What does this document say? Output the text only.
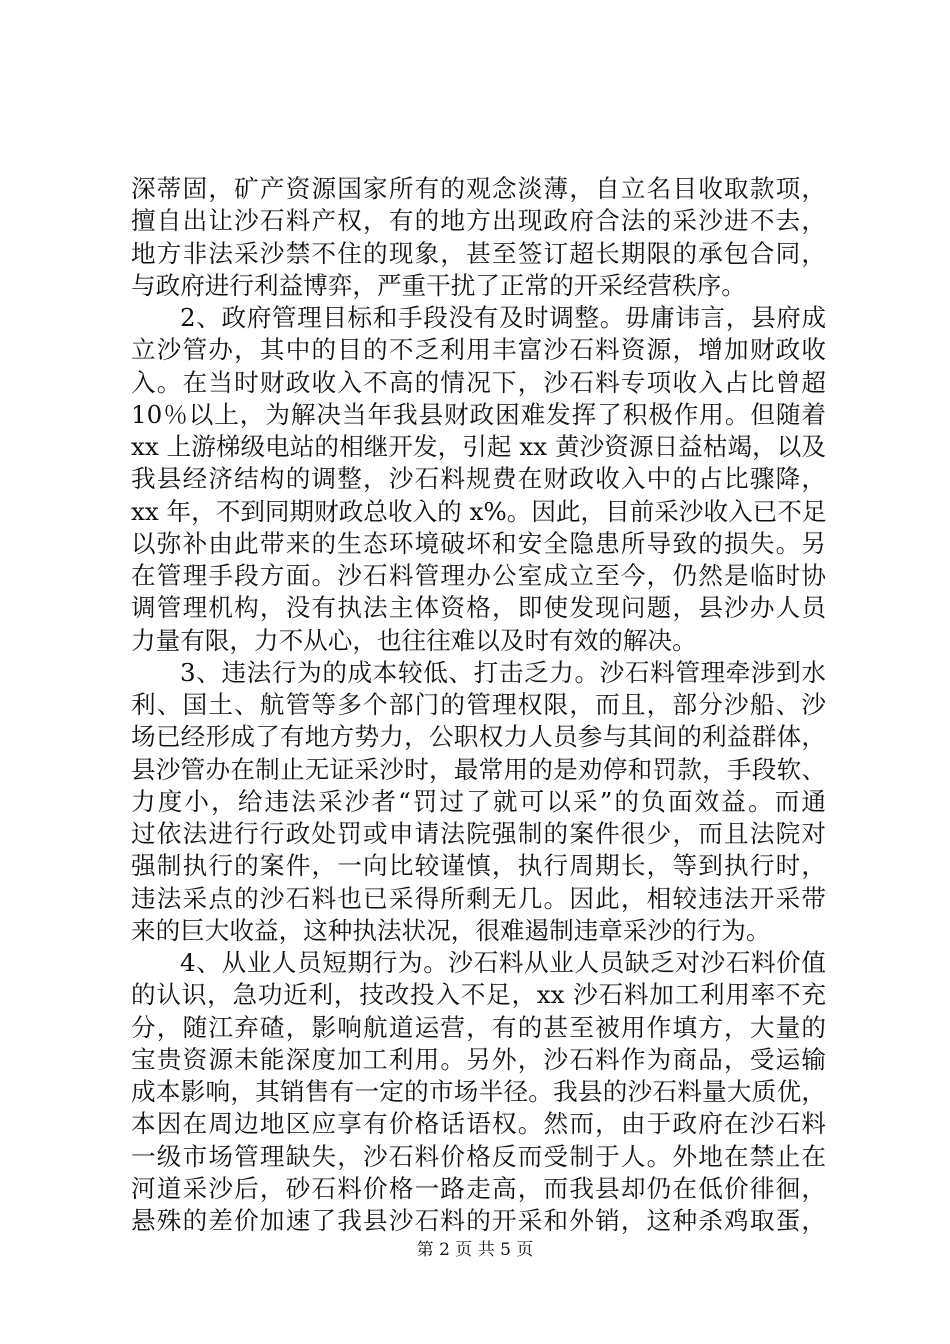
深蒂固，矿产资源国家所有的观念淡薄，自立名目收取款项，
擅自出让沙石料产权，有的地方出现政府合法的采沙进不去，
地方非法采沙禁不住的现象，甚至签订超长期限的承包合同，
与政府进行利益博弈，严重干扰了正常的开采经营秩序。
2、政府管理目标和手段没有及时调整。毋庸讳言，县府成
立沙管办，其中的目的不乏利用丰富沙石料资源，增加财政收
入。在当时财政收入不高的情况下，沙石料专项收入占比曾超
10％以上，为解决当年我县财政困难发挥了积极作用。但随着
xx 上游梯级电站的相继开发，引起 xx 黄沙资源日益枯竭，以及
我县经济结构的调整，沙石料规费在财政收入中的占比骤降，
xx 年，不到同期财政总收入的 x%。因此，目前采沙收入已不足
以弥补由此带来的生态环境破坏和安全隐患所导致的损失。另
在管理手段方面。沙石料管理办公室成立至今，仍然是临时协
调管理机构，没有执法主体资格，即使发现问题，县沙办人员
力量有限，力不从心，也往往难以及时有效的解决。
3、违法行为的成本较低、打击乏力。沙石料管理牵涉到水
利、国土、航管等多个部门的管理权限，而且，部分沙船、沙
场已经形成了有地方势力，公职权力人员参与其间的利益群体，
县沙管办在制止无证采沙时，最常用的是劝停和罚款，手段软、
力度小，给违法采沙者“罚过了就可以采”的负面效益。而通
过依法进行行政处罚或申请法院强制的案件很少，而且法院对
强制执行的案件，一向比较谨慎，执行周期长，等到执行时，
违法采点的沙石料也已采得所剩无几。因此，相较违法开采带
来的巨大收益，这种执法状况，很难遏制违章采沙的行为。
4、从业人员短期行为。沙石料从业人员缺乏对沙石料价值
的认识，急功近利，技改投入不足，xx 沙石料加工利用率不充
分，随江弃碴，影响航道运营，有的甚至被用作填方，大量的
宝贵资源未能深度加工利用。另外，沙石料作为商品，受运输
成本影响，其销售有一定的市场半径。我县的沙石料量大质优，
本因在周边地区应享有价格话语权。然而，由于政府在沙石料
一级市场管理缺失，沙石料价格反而受制于人。外地在禁止在
河道采沙后，砂石料价格一路走高，而我县却仍在低价徘徊，
悬殊的差价加速了我县沙石料的开采和外销，这种杀鸡取蛋，
第 2 页 共 5 页
